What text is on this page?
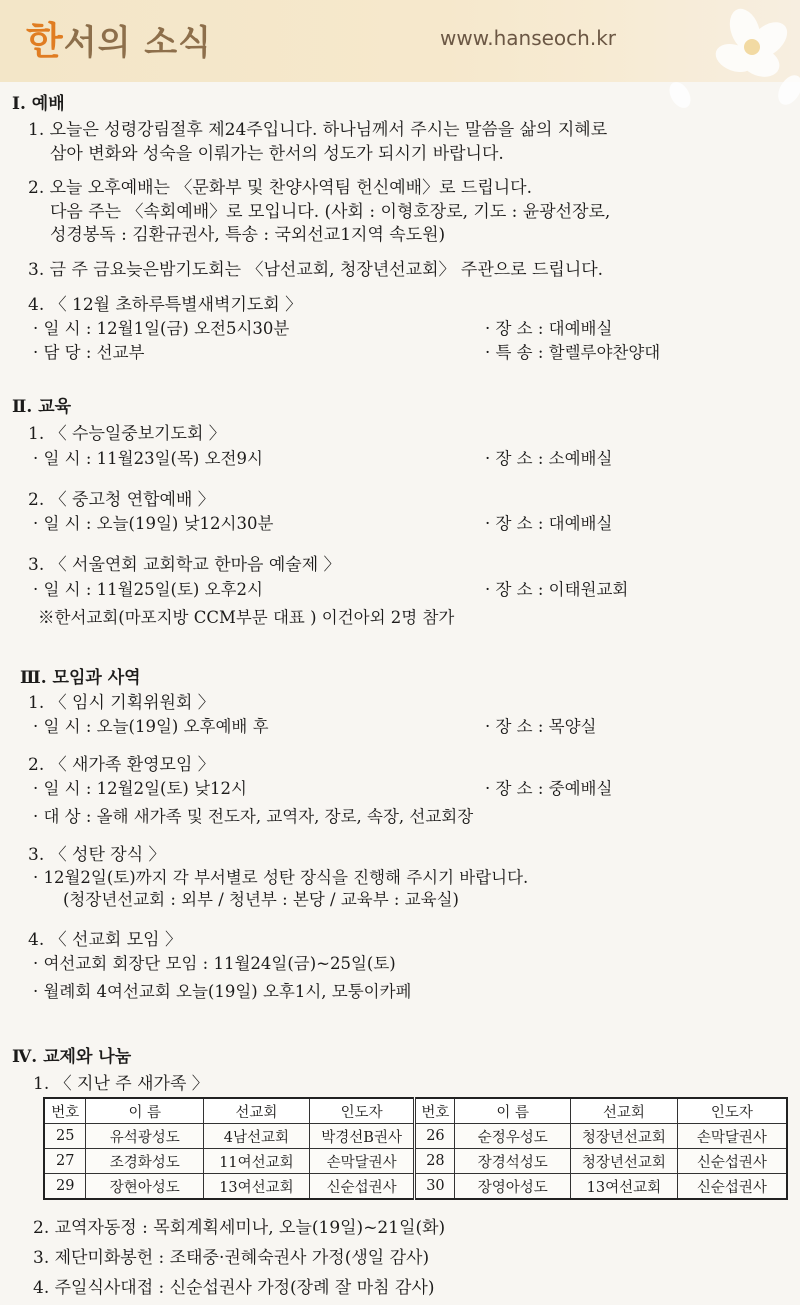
한서의 소식	www.hanseoch.kr
Ⅰ. 예배
1. 오늘은 성령강림절후 제24주입니다. 하나님께서 주시는 말씀을 삶의 지혜로
삼아 변화와 성숙을 이뤄가는 한서의 성도가 되시기 바랍니다.
2. 오늘 오후예배는 〈문화부 및 찬양사역팀 헌신예배〉로 드립니다.
다음 주는 〈속회예배〉로 모입니다. (사회 : 이형호장로, 기도 : 윤광선장로,
성경봉독 : 김환규권사, 특송 : 국외선교1지역 속도원)
3. 금 주 금요늦은밤기도회는 〈남선교회, 청장년선교회〉 주관으로 드립니다.
4. 〈 12월 초하루특별새벽기도회 〉
· 일 시 : 12월1일(금) 오전5시30분	· 장 소 : 대예배실
· 담 당 : 선교부	· 특 송 : 할렐루야찬양대
Ⅱ. 교육
1. 〈 수능일중보기도회 〉
· 일 시 : 11월23일(목) 오전9시	· 장 소 : 소예배실
2. 〈 중고청 연합예배 〉
· 일 시 : 오늘(19일) 낮12시30분	· 장 소 : 대예배실
3. 〈 서울연회 교회학교 한마음 예술제 〉
· 일 시 : 11월25일(토) 오후2시	· 장 소 : 이태원교회
※한서교회(마포지방 CCM부문 대표 ) 이건아외 2명 참가
Ⅲ. 모임과 사역
1. 〈 임시 기획위원회 〉
· 일 시 : 오늘(19일) 오후예배 후	· 장 소 : 목양실
2. 〈 새가족 환영모임 〉
· 일 시 : 12월2일(토) 낮12시	· 장 소 : 중예배실
· 대 상 : 올해 새가족 및 전도자, 교역자, 장로, 속장, 선교회장
3. 〈 성탄 장식 〉
· 12월2일(토)까지 각 부서별로 성탄 장식을 진행해 주시기 바랍니다.
(청장년선교회 : 외부 / 청년부 : 본당 / 교육부 : 교육실)
4. 〈 선교회 모임 〉
· 여선교회 회장단 모임 : 11월24일(금)~25일(토)
· 월례회 4여선교회 오늘(19일) 오후1시, 모퉁이카페
Ⅳ. 교제와 나눔
1. 〈 지난 주 새가족 〉
번호	이 름	선교회	인도자	번호	이 름	선교회	인도자
25	유석광성도	4남선교회	박경선B권사	26	순정우성도	청장년선교회	손막달권사
27	조경화성도	11여선교회	손막달권사	28	장경석성도	청장년선교회	신순섭권사
29	장현아성도	13여선교회	신순섭권사	30	장영아성도	13여선교회	신순섭권사
2. 교역자동정 : 목회계획세미나, 오늘(19일)~21일(화)
3. 제단미화봉헌 : 조태중·권혜숙권사 가정(생일 감사)
4. 주일식사대접 : 신순섭권사 가정(장례 잘 마침 감사)
